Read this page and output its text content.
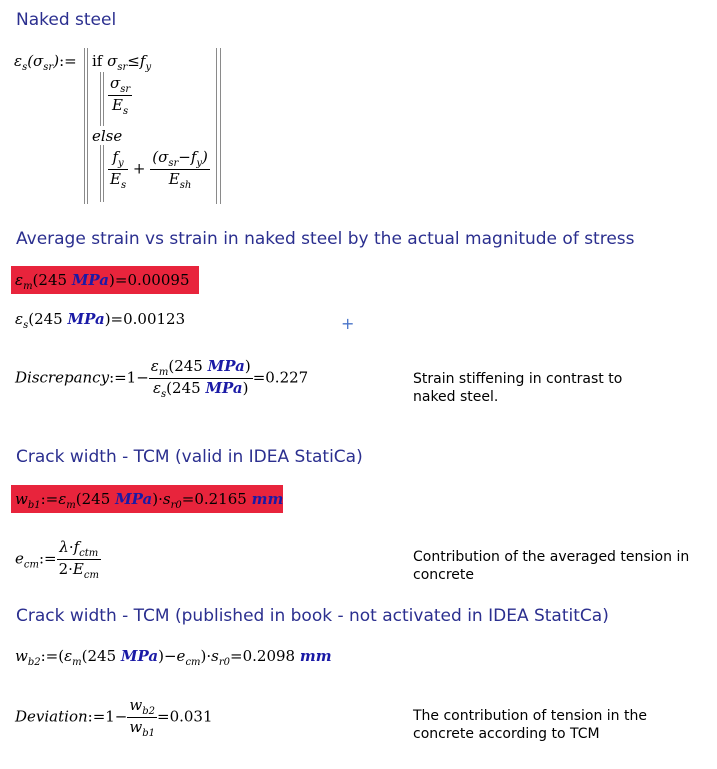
Naked steel
$\varepsilon_s(\sigma_{sr}):=$ if $\sigma_{sr}\le f_y$
$\frac{\sigma_{sr}}{E_s}$
else
$\frac{f_y}{E_s} + \frac{(\sigma_{sr}-f_y)}{E_{sh}}$
Average strain vs strain in naked steel by the actual magnitude of stress
$\varepsilon_m(245$ MPa)=0.00095
$\varepsilon_s(245$ MPa)=0.00123	+
Discrepancy:=1− $\frac{\varepsilon_m(245 MPa)}{\varepsilon_s(245 MPa)} =0.227$	Strain stiffening in contrast to naked steel.
Crack width - TCM (valid in IDEA StatiCa)
$w_{b1}:=\varepsilon_m(245$ $MPa)\cdot s_{r0}=0.2165$ mm
$e_{cm}:= \frac{\lambda\cdot f_{ctm}}{2\cdot E_{cm}}$	Contribution of the averaged tension in concrete
Crack width - TCM (published in book - not activated in IDEA StatitCa)
$w_{b2}:=(\varepsilon_m(245$ $MPa)-e_{cm})\cdot s_{r0}=0.2098$ mm
Deviation:=1− $\frac{w_{b2}}{w_{b1}} =0.031$	The contribution of tension in the concrete according to TCM
